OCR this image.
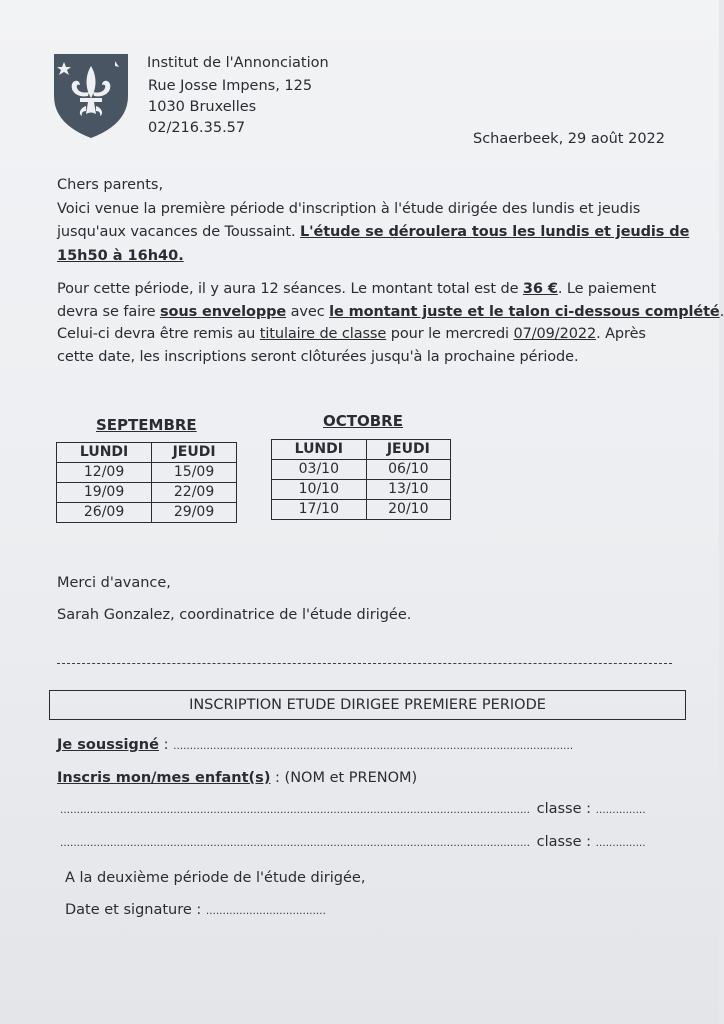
Institut de l'Annonciation
Rue Josse Impens, 125
1030 Bruxelles
02/216.35.57
Schaerbeek, 29 août 2022
Chers parents,
Voici venue la première période d'inscription à l'étude dirigée des lundis et jeudis
jusqu'aux vacances de Toussaint. L'étude se déroulera tous les lundis et jeudis de
15h50 à 16h40.
Pour cette période, il y aura 12 séances. Le montant total est de 36 €. Le paiement
devra se faire sous enveloppe avec le montant juste et le talon ci-dessous complété.
Celui-ci devra être remis au titulaire de classe pour le mercredi 07/09/2022. Après
cette date, les inscriptions seront clôturées jusqu'à la prochaine période.
SEPTEMBRE
LUNDI	JEUDI
12/09	15/09
19/09	22/09
26/09	29/09
OCTOBRE
LUNDI	JEUDI
03/10	06/10
10/10	13/10
17/10	20/10
Merci d'avance,
Sarah Gonzalez, coordinatrice de l'étude dirigée.
INSCRIPTION ETUDE DIRIGEE PREMIERE PERIODE
Je soussigné : …………………………………………………………………………………………………………
Inscris mon/mes enfant(s) : (NOM et PRENOM)
…………………………………………………………………………………………………………………………… classe : ……………
…………………………………………………………………………………………………………………………… classe : ……………
A la deuxième période de l'étude dirigée,
Date et signature : ………………………………
